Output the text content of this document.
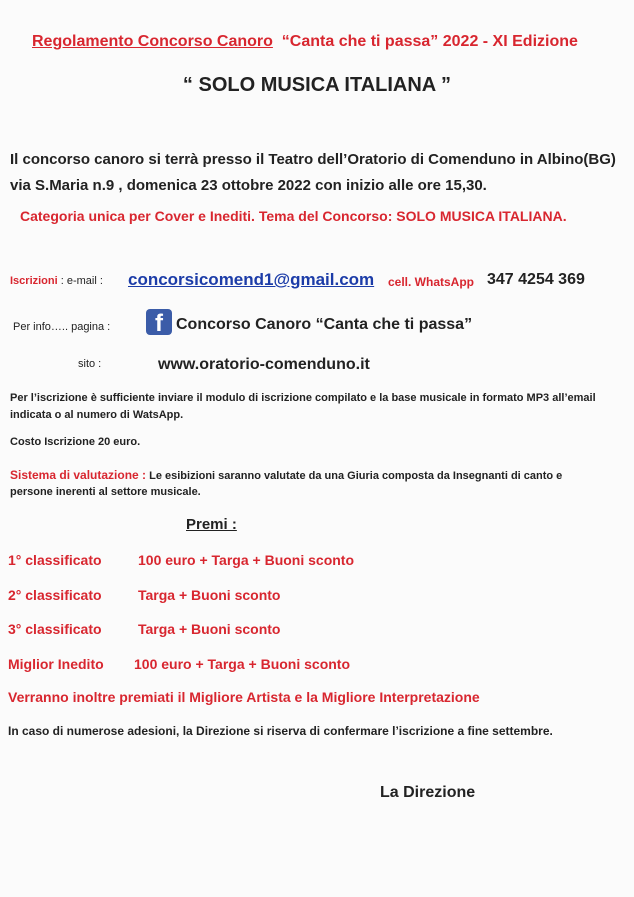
Regolamento Concorso Canoro “Canta che ti passa” 2022 - XI Edizione
“ SOLO MUSICA ITALIANA ”
Il concorso canoro si terrà presso il Teatro dell’Oratorio di Comenduno in Albino(BG)
via S.Maria n.9 , domenica 23 ottobre 2022 con inizio alle ore 15,30.
Categoria unica per Cover e Inediti. Tema del Concorso: SOLO MUSICA ITALIANA.
Iscrizioni : e-mail : concorsicomend1@gmail.com cell. WhatsApp 347 4254 369
Per info….. pagina :	f Concorso Canoro “Canta che ti passa”
sito :	www.oratorio-comenduno.it
Per l’iscrizione è sufficiente inviare il modulo di iscrizione compilato e la base musicale in formato MP3 all’email
indicata o al numero di WatsApp.
Costo Iscrizione 20 euro.
Sistema di valutazione : Le esibizioni saranno valutate da una Giuria composta da Insegnanti di canto e
persone inerenti al settore musicale.
Premi :
1° classificato	100 euro + Targa + Buoni sconto
2° classificato	Targa + Buoni sconto
3° classificato	Targa + Buoni sconto
Miglior Inedito 100 euro + Targa + Buoni sconto
Verranno inoltre premiati il Migliore Artista e la Migliore Interpretazione
In caso di numerose adesioni, la Direzione si riserva di confermare l’iscrizione a fine settembre.
La Direzione
